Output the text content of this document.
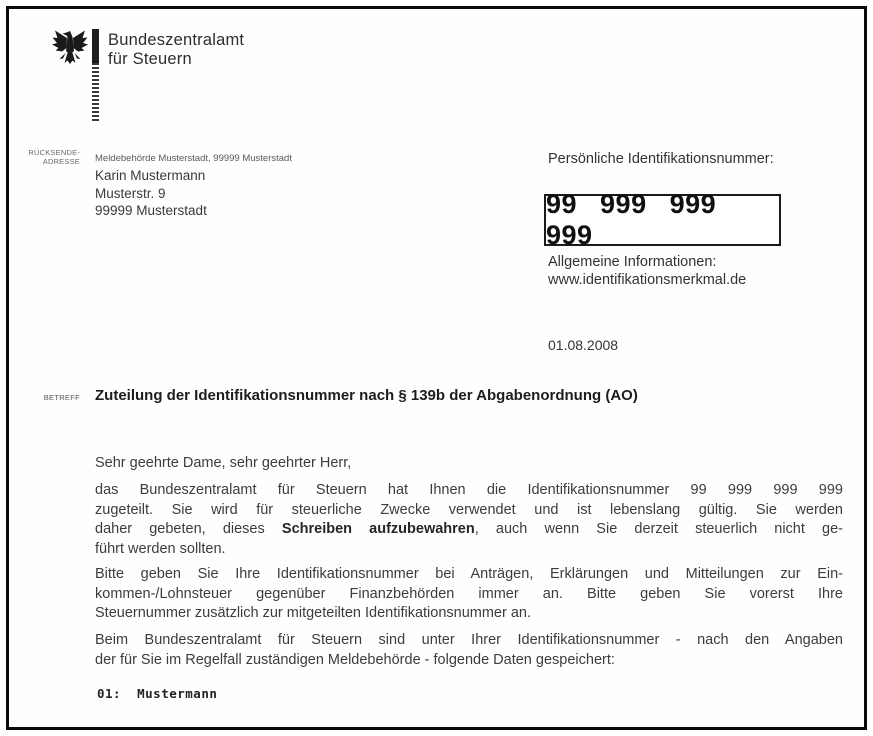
Bundeszentralamt
für Steuern
RÜCKSENDE-
ADRESSE Meldebehörde Musterstadt, 99999 Musterstadt
Karin Mustermann
Musterstr. 9
99999 Musterstadt
Persönliche Identifikationsnummer:
99 999 999 999
Allgemeine Informationen:
www.identifikationsmerkmal.de
01.08.2008
BETREFF Zuteilung der Identifikationsnummer nach § 139b der Abgabenordnung (AO)
Sehr geehrte Dame, sehr geehrter Herr,
das Bundeszentralamt für Steuern hat Ihnen die Identifikationsnummer 99 999 999 999
zugeteilt. Sie wird für steuerliche Zwecke verwendet und ist lebenslang gültig. Sie werden
daher gebeten, dieses Schreiben aufzubewahren, auch wenn Sie derzeit steuerlich nicht ge-
führt werden sollten.
Bitte geben Sie Ihre Identifikationsnummer bei Anträgen, Erklärungen und Mitteilungen zur Ein-
kommen-/Lohnsteuer gegenüber Finanzbehörden immer an. Bitte geben Sie vorerst Ihre
Steuernummer zusätzlich zur mitgeteilten Identifikationsnummer an.
Beim Bundeszentralamt für Steuern sind unter Ihrer Identifikationsnummer - nach den Angaben
der für Sie im Regelfall zuständigen Meldebehörde - folgende Daten gespeichert:
01:  Mustermann
